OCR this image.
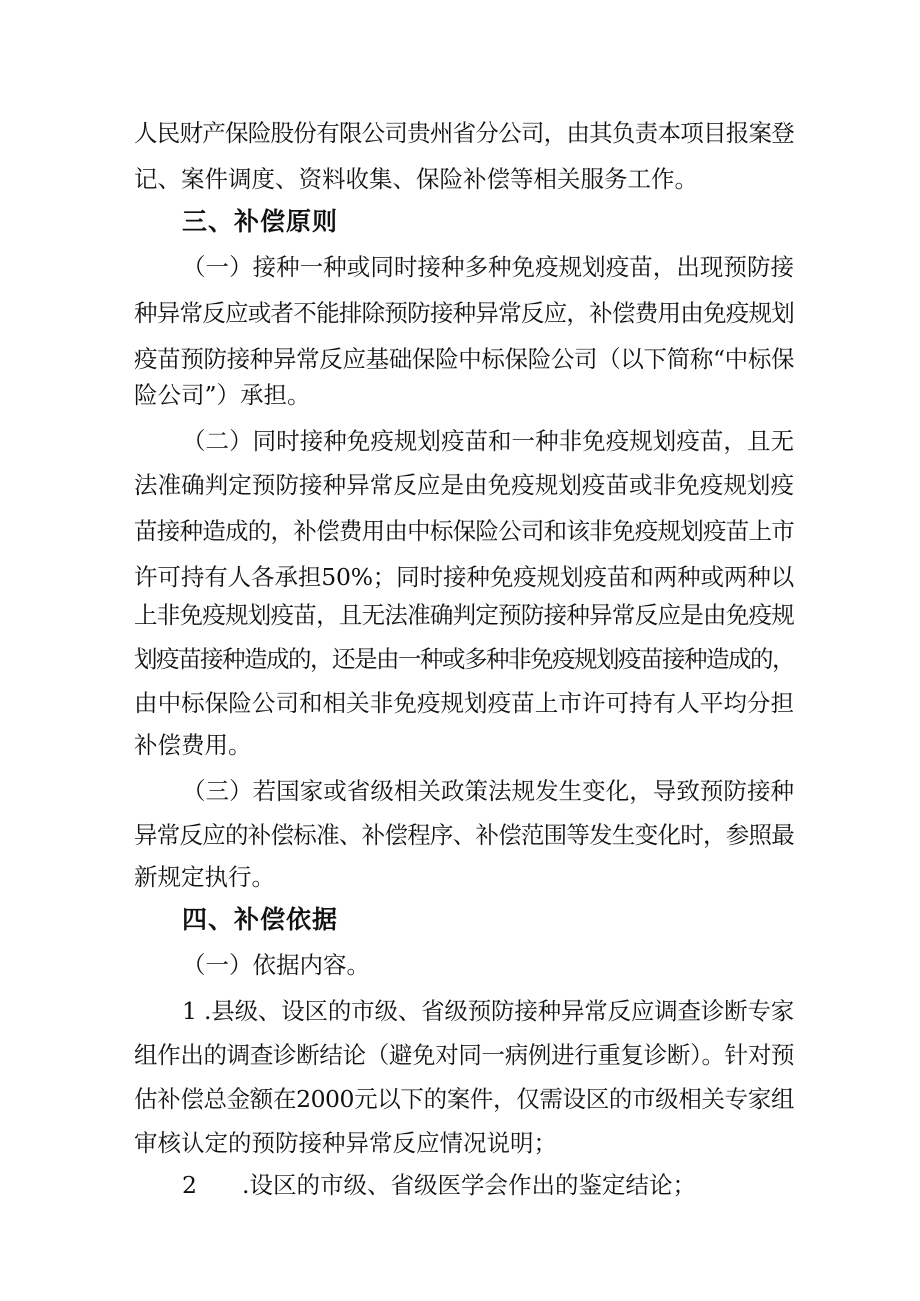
人民财产保险股份有限公司贵州省分公司，由其负责本项目报案登
记、案件调度、资料收集、保险补偿等相关服务工作。
三、补偿原则
（一）接种一种或同时接种多种免疫规划疫苗，出现预防接
种异常反应或者不能排除预防接种异常反应，补偿费用由免疫规划
疫苗预防接种异常反应基础保险中标保险公司（以下简称“中标保
险公司”）承担。
（二）同时接种免疫规划疫苗和一种非免疫规划疫苗，且无
法准确判定预防接种异常反应是由免疫规划疫苗或非免疫规划疫
苗接种造成的，补偿费用由中标保险公司和该非免疫规划疫苗上市
许可持有人各承担50%；同时接种免疫规划疫苗和两种或两种以
上非免疫规划疫苗，且无法准确判定预防接种异常反应是由免疫规
划疫苗接种造成的，还是由一种或多种非免疫规划疫苗接种造成的，
由中标保险公司和相关非免疫规划疫苗上市许可持有人平均分担
补偿费用。
（三）若国家或省级相关政策法规发生变化，导致预防接种
异常反应的补偿标准、补偿程序、补偿范围等发生变化时，参照最
新规定执行。
四、补偿依据
（一）依据内容。
1 .县级、设区的市级、省级预防接种异常反应调查诊断专家
组作出的调查诊断结论（避免对同一病例进行重复诊断）。针对预
估补偿总金额在2000元以下的案件，仅需设区的市级相关专家组
审核认定的预防接种异常反应情况说明；
2 .设区的市级、省级医学会作出的鉴定结论；
